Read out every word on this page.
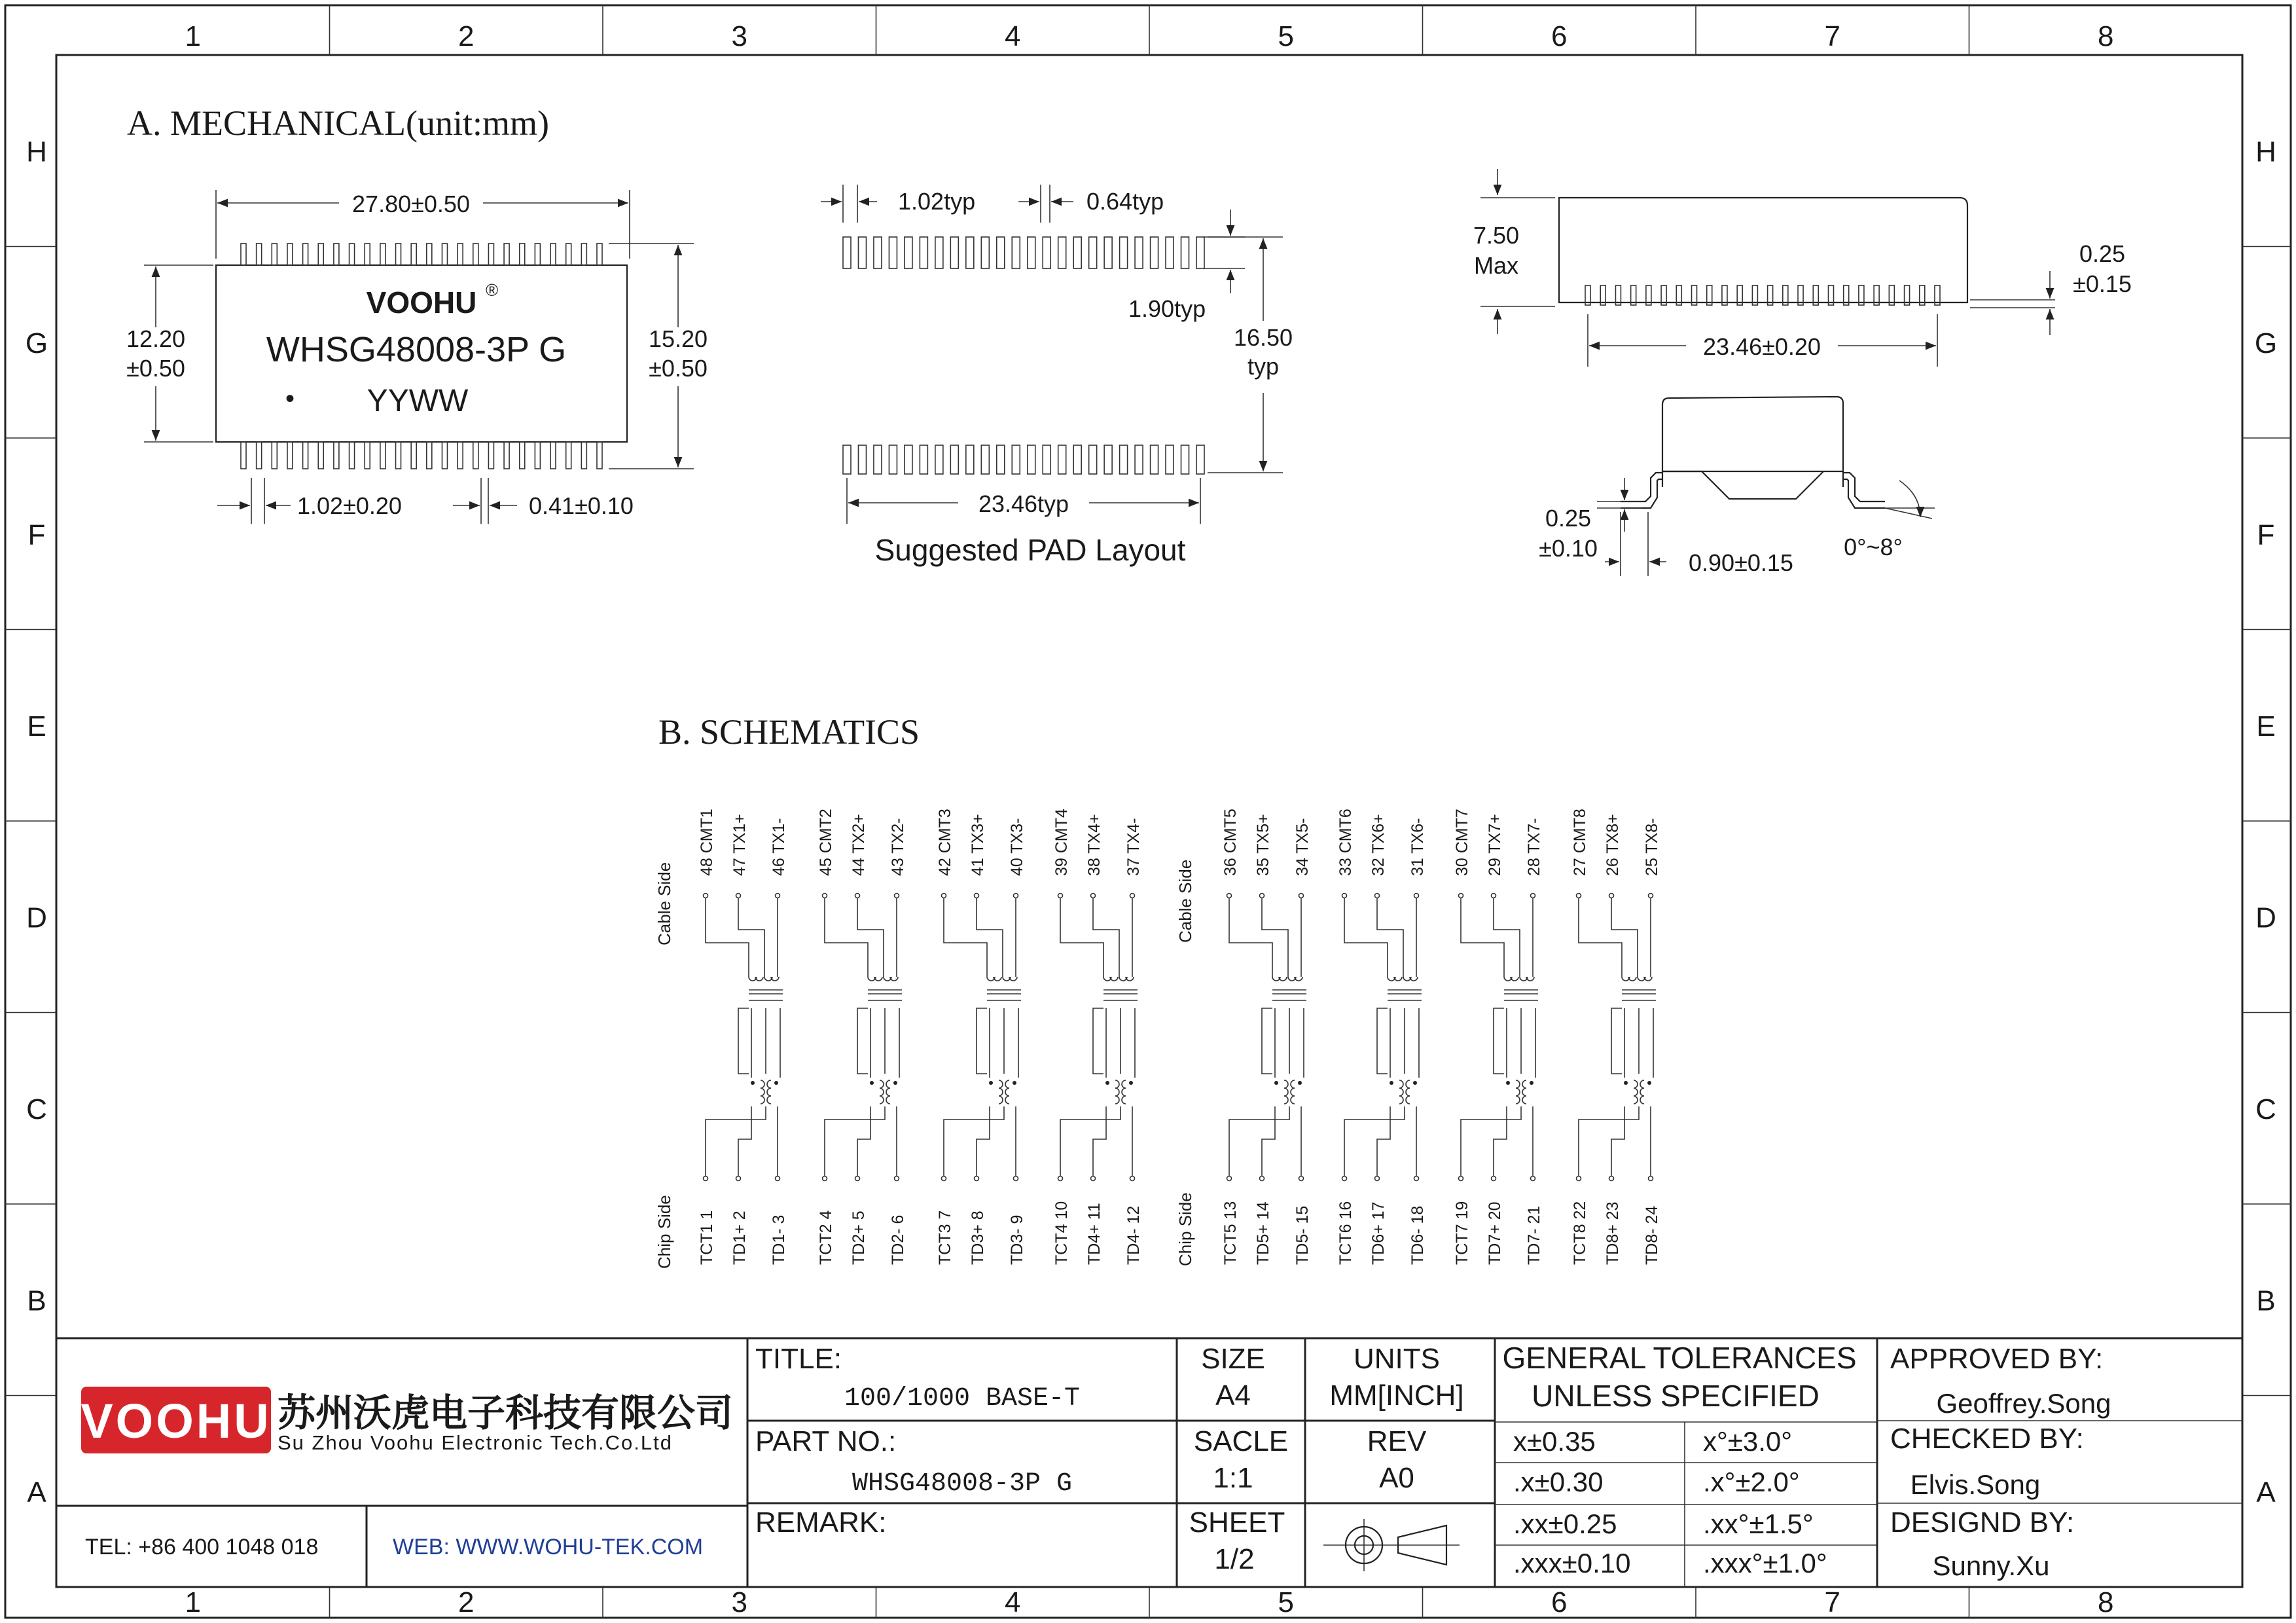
1
1
2
2
3
3
4
4
5
5
6
6
7
7
8
8
H	H
G	G
F	F
E	E
D	D
C	C
B	B
A	A
A. MECHANICAL(unit:mm)
VOOHU ®
WHSG48008-3P G
• YYWW
27.80±0.50
12.20
±0.50
15.20
±0.50
1.02±0.20	0.41±0.10
1.02typ	0.64typ
1.90typ
16.50
typ
23.46typ
Suggested PAD Layout
7.50
Max	0.25
±0.15
23.46±0.20
0.25
±0.10
0.90±0.15
0°~8°
B. SCHEMATICS
Cable Side
Chip Side
Cable Side
Chip Side
48 CMT1 47 TX1+ 46 TX1-
TCT1 1 TD1+ 2 TD1- 3
45 CMT2 44 TX2+ 43 TX2-
TCT2 4 TD2+ 5 TD2- 6
42 CMT3 41 TX3+ 40 TX3-
TCT3 7 TD3+ 8 TD3- 9
39 CMT4 38 TX4+ 37 TX4-
TCT4 10 TD4+ 11 TD4- 12
36 CMT5 35 TX5+ 34 TX5-
TCT5 13 TD5+ 14 TD5- 15
33 CMT6 32 TX6+ 31 TX6-
TCT6 16 TD6+ 17 TD6- 18
30 CMT7 29 TX7+ 28 TX7-
TCT7 19 TD7+ 20 TD7- 21
27 CMT8 26 TX8+ 25 TX8-
TCT8 22 TD8+ 23 TD8- 24
VOOHU 苏州沃虎电子科技有限公司
Su Zhou Voohu Electronic Tech.Co.Ltd
TEL: +86 400 1048 018	WEB: WWW.WOHU-TEK.COM
TITLE:
100/1000 BASE-T
PART NO.:
WHSG48008-3P G
REMARK:
SIZE
A4
SACLE
1:1
SHEET
1/2
UNITS
MM[INCH]
REV
A0
GENERAL TOLERANCES
UNLESS SPECIFIED
x±0.35	x°±3.0°
.x±0.30	.x°±2.0°
.xx±0.25	.xx°±1.5°
.xxx±0.10	.xxx°±1.0°
APPROVED BY:
Geoffrey.Song
CHECKED BY:
Elvis.Song
DESIGND BY:
Sunny.Xu
